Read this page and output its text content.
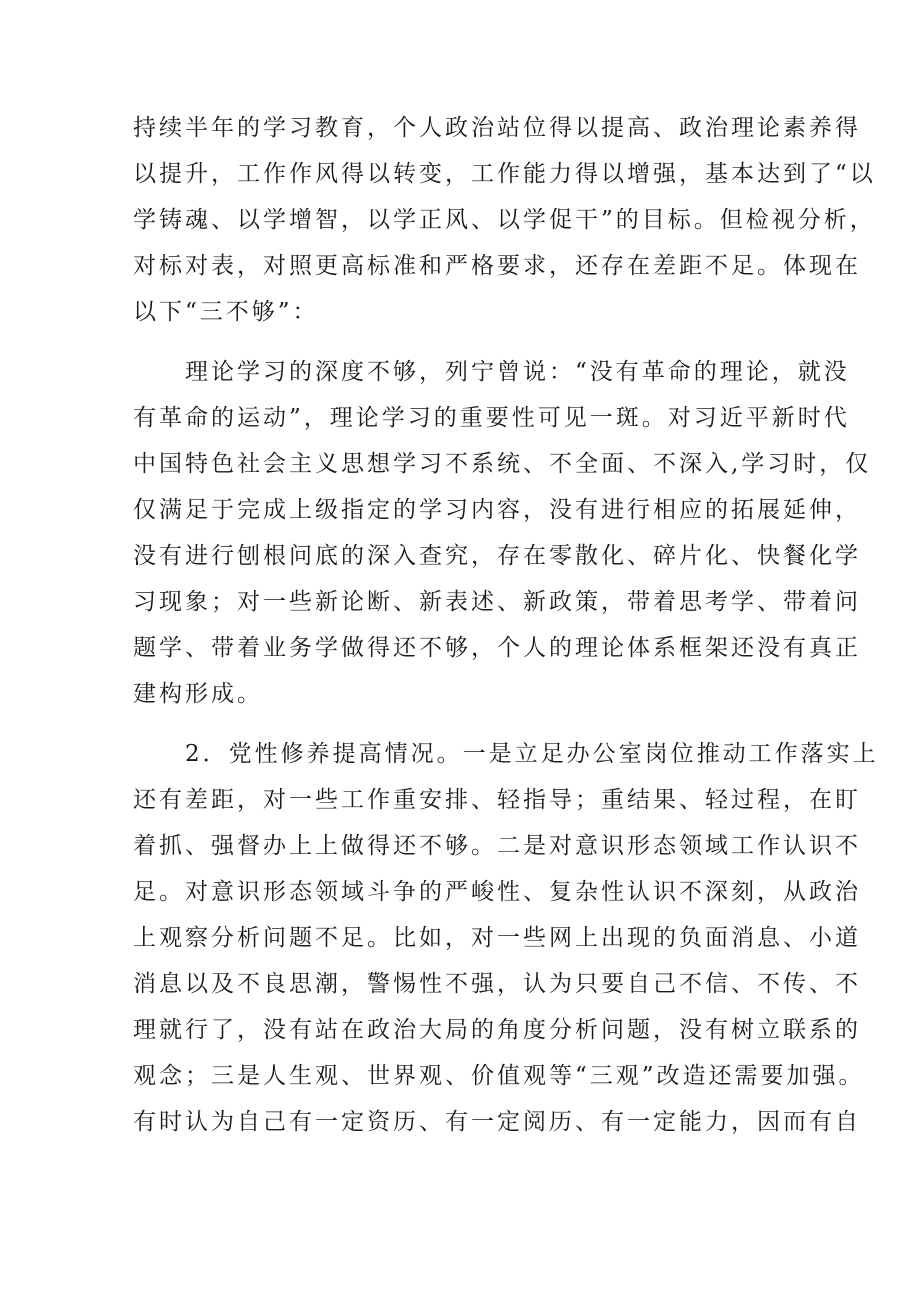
持续半年的学习教育，个人政治站位得以提高、政治理论素养得
以提升，工作作风得以转变，工作能力得以增强，基本达到了“以
学铸魂、以学增智，以学正风、以学促干”的目标。但检视分析，
对标对表，对照更高标准和严格要求，还存在差距不足。体现在
以下“三不够”：

　　理论学习的深度不够，列宁曾说：“没有革命的理论，就没
有革命的运动”，理论学习的重要性可见一斑。对习近平新时代
中国特色社会主义思想学习不系统、不全面、不深入,学习时，仅
仅满足于完成上级指定的学习内容，没有进行相应的拓展延伸，
没有进行刨根问底的深入查究，存在零散化、碎片化、快餐化学
习现象；对一些新论断、新表述、新政策，带着思考学、带着问
题学、带着业务学做得还不够，个人的理论体系框架还没有真正
建构形成。

　　2．党性修养提高情况。一是立足办公室岗位推动工作落实上
还有差距，对一些工作重安排、轻指导；重结果、轻过程，在盯
着抓、强督办上上做得还不够。二是对意识形态领域工作认识不
足。对意识形态领域斗争的严峻性、复杂性认识不深刻，从政治
上观察分析问题不足。比如，对一些网上出现的负面消息、小道
消息以及不良思潮，警惕性不强，认为只要自己不信、不传、不
理就行了，没有站在政治大局的角度分析问题，没有树立联系的
观念；三是人生观、世界观、价值观等“三观”改造还需要加强。
有时认为自己有一定资历、有一定阅历、有一定能力，因而有自
